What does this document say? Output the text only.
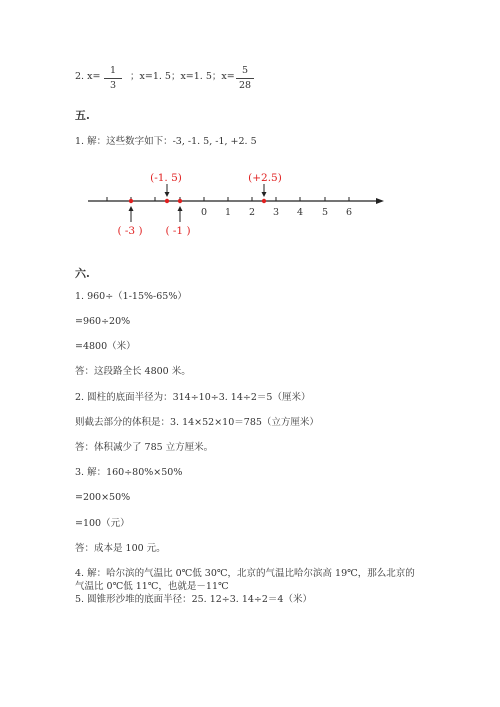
2. x=
1
3
；x=1. 5；x=1. 5；x=
5
28
五.
1. 解：这些数字如下：-3, -1. 5, -1, +2. 5
0 1 2 3 4 5 6
(-1. 5)	(+2.5)
( -3 ) ( -1 )
六.
1. 960÷（1-15%-65%）
=960÷20%
=4800（米）
答：这段路全长 4800 米。
2. 圆柱的底面半径为：314÷10÷3. 14÷2＝5（厘米）
则截去部分的体积是：3. 14×52×10＝785（立方厘米）
答：体积减少了 785 立方厘米。
3. 解：160÷80%×50%
=200×50%
=100（元）
答：成本是 100 元。
4. 解：哈尔滨的气温比 0℃低 30℃，北京的气温比哈尔滨高 19℃，那么北京的
气温比 0℃低 11℃，也就是－11℃
5. 圆锥形沙堆的底面半径：25. 12÷3. 14÷2＝4（米）
